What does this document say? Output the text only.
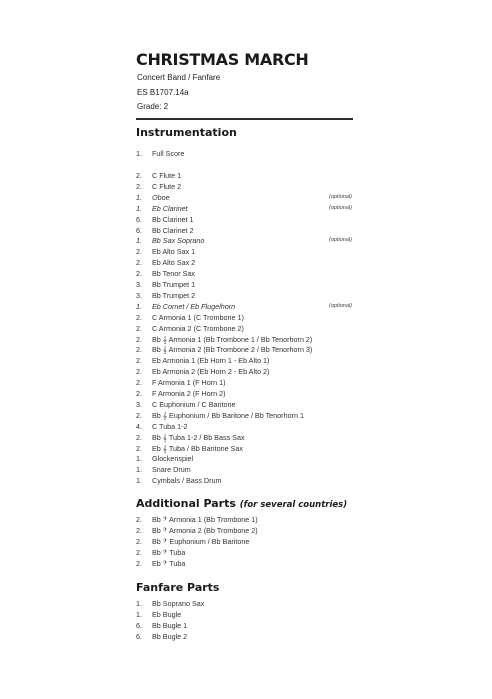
CHRISTMAS MARCH
Concert Band / Fanfare
ES B1707.14a
Grade: 2
Instrumentation
Additional Parts (for several countries)
Fanfare Parts
1.	Full Score
2.	C Flute 1
2.	C Flute 2
1.	Oboe	(optional)
1.	Eb Clarinet	(optional)
6.	Bb Clarinet 1
6.	Bb Clarinet 2
1.	Bb Sax Soprano	(optional)
2.	Eb Alto Sax 1
2.	Eb Alto Sax 2
2.	Bb Tenor Sax
3.	Bb Trumpet 1
3.	Bb Trumpet 2
1.	Eb Cornet / Eb Flugelhorn	(optional)
2.	C Armonia 1 (C Trombone 1)
2.	C Armonia 2 (C Trombone 2)
2.	Bb 𝄞 Armonia 1 (Bb Trombone 1 / Bb Tenorhorn 2)
2.	Bb 𝄞 Armonia 2 (Bb Trombone 2 / Bb Tenorhorn 3)
2.	Eb Armonia 1 (Eb Horn 1 - Eb Alto 1)
2.	Eb Armonia 2 (Eb Horn 2 - Eb Alto 2)
2.	F Armonia 1 (F Horn 1)
2.	F Armonia 2 (F Horn 2)
3.	C Euphonium / C Baritone
2.	Bb 𝄞 Euphonium / Bb Baritone / Bb Tenorhorn 1
4.	C Tuba 1-2
2.	Bb 𝄞 Tuba 1-2 / Bb Bass Sax
2.	Eb 𝄞 Tuba / Bb Baritone Sax
1.	Glockenspiel
1.	Snare Drum
1.	Cymbals / Bass Drum
2.	Bb 𝄢 Armonia 1 (Bb Trombone 1)
2.	Bb 𝄢 Armonia 2 (Bb Trombone 2)
2.	Bb 𝄢 Euphonium / Bb Baritone
2.	Bb 𝄢 Tuba
2.	Eb 𝄢 Tuba
1.	Bb Soprano Sax
1.	Eb Bugle
6.	Bb Bugle 1
6.	Bb Bugle 2
